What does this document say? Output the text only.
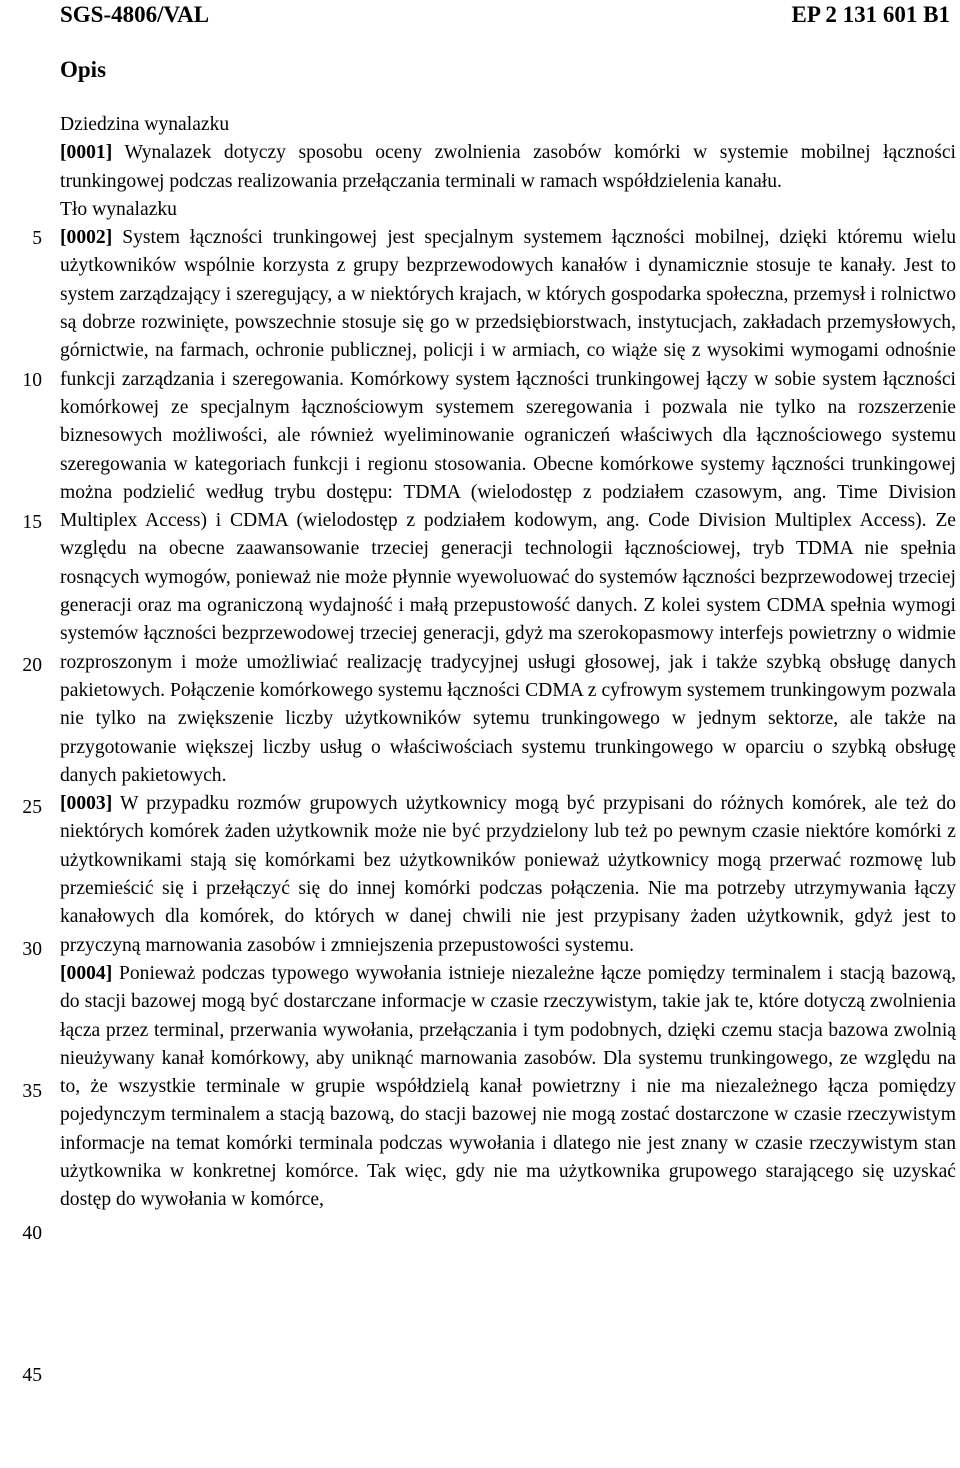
SGS-4806/VAL	EP 2 131 601 B1
Opis
5
10
15
20
25
30
35
40
45

Dziedzina wynalazku

[0001] Wynalazek dotyczy sposobu oceny zwolnienia zasobów komórki w systemie mobilnej łączności trunkingowej podczas realizowania przełączania terminali w ramach współdzielenia kanału.

Tło wynalazku

[0002] System łączności trunkingowej jest specjalnym systemem łączności mobilnej, dzięki któremu wielu użytkowników wspólnie korzysta z grupy bezprzewodowych kanałów i dynamicznie stosuje te kanały. Jest to system zarządzający i szeregujący, a w niektórych krajach, w których gospodarka społeczna, przemysł i rolnictwo są dobrze rozwinięte, powszechnie stosuje się go w przedsiębiorstwach, instytucjach, zakładach przemysłowych, górnictwie, na farmach, ochronie publicznej, policji i w armiach, co wiąże się z wysokimi wymogami odnośnie funkcji zarządzania i szeregowania. Komórkowy system łączności trunkingowej łączy w sobie system łączności komórkowej ze specjalnym łącznościowym systemem szeregowania i pozwala nie tylko na rozszerzenie biznesowych możliwości, ale również wyeliminowanie ograniczeń właściwych dla łącznościowego systemu szeregowania w kategoriach funkcji i regionu stosowania. Obecne komórkowe systemy łączności trunkingowej można podzielić według trybu dostępu: TDMA (wielodostęp z podziałem czasowym, ang. Time Division Multiplex Access) i CDMA (wielodostęp z podziałem kodowym, ang. Code Division Multiplex Access). Ze względu na obecne zaawansowanie trzeciej generacji technologii łącznościowej, tryb TDMA nie spełnia rosnących wymogów, ponieważ nie może płynnie wyewoluować do systemów łączności bezprzewodowej trzeciej generacji oraz ma ograniczoną wydajność i małą przepustowość danych. Z kolei system CDMA spełnia wymogi systemów łączności bezprzewodowej trzeciej generacji, gdyż ma szerokopasmowy interfejs powietrzny o widmie rozproszonym i może umożliwiać realizację tradycyjnej usługi głosowej, jak i także szybką obsługę danych pakietowych. Połączenie komórkowego systemu łączności CDMA z cyfrowym systemem trunkingowym pozwala nie tylko na zwiększenie liczby użytkowników sytemu trunkingowego w jednym sektorze, ale także na przygotowanie większej liczby usług o właściwościach systemu trunkingowego w oparciu o szybką obsługę danych pakietowych.

[0003] W przypadku rozmów grupowych użytkownicy mogą być przypisani do różnych komórek, ale też do niektórych komórek żaden użytkownik może nie być przydzielony lub też po pewnym czasie niektóre komórki z użytkownikami stają się komórkami bez użytkowników ponieważ użytkownicy mogą przerwać rozmowę lub przemieścić się i przełączyć się do innej komórki podczas połączenia. Nie ma potrzeby utrzymywania łączy kanałowych dla komórek, do których w danej chwili nie jest przypisany żaden użytkownik, gdyż jest to przyczyną marnowania zasobów i zmniejszenia przepustowości systemu.

[0004] Ponieważ podczas typowego wywołania istnieje niezależne łącze pomiędzy terminalem i stacją bazową, do stacji bazowej mogą być dostarczane informacje w czasie rzeczywistym, takie jak te, które dotyczą zwolnienia łącza przez terminal, przerwania wywołania, przełączania i tym podobnych, dzięki czemu stacja bazowa zwolnią nieużywany kanał komórkowy, aby uniknąć marnowania zasobów. Dla systemu trunkingowego, ze względu na to, że wszystkie terminale w grupie współdzielą kanał powietrzny i nie ma niezależnego łącza pomiędzy pojedynczym terminalem a stacją bazową, do stacji bazowej nie mogą zostać dostarczone w czasie rzeczywistym informacje na temat komórki terminala podczas wywołania i dlatego nie jest znany w czasie rzeczywistym stan użytkownika w konkretnej komórce. Tak więc, gdy nie ma użytkownika grupowego starającego się uzyskać dostęp do wywołania w komórce,
